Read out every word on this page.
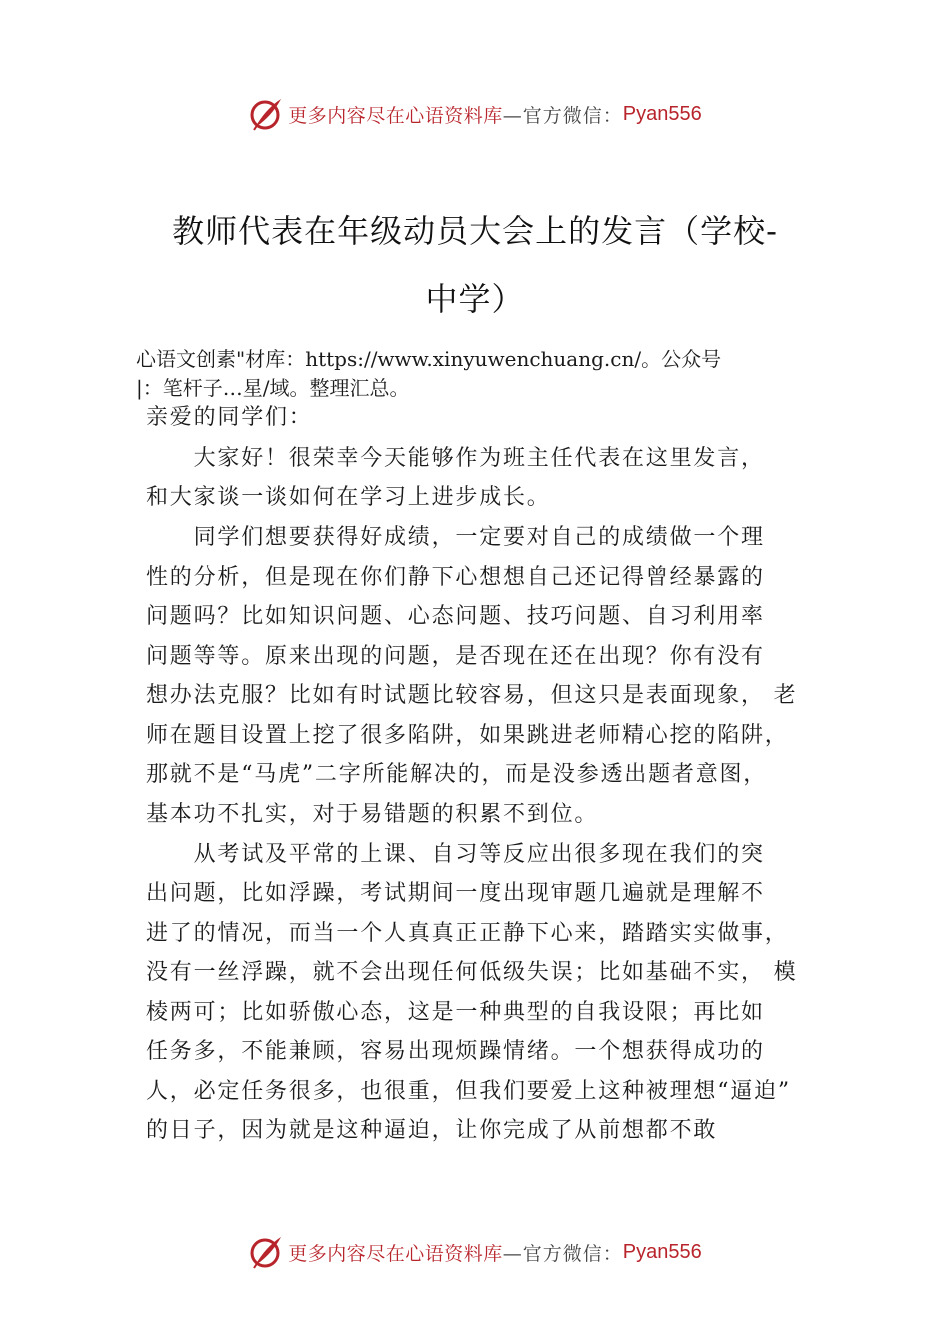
更多内容尽在心语资料库 —官方微信： Pyan556
教师代表在年级动员大会上的发言（学校-
中学）
心语文创素"材库：https://www.xinyuwenchuang.cn/。公众号
|：笔杆子…星/域。整理汇总。
亲爱的同学们：
　　大家好！很荣幸今天能够作为班主任代表在这里发言，
和大家谈一谈如何在学习上进步成长。
　　同学们想要获得好成绩，一定要对自己的成绩做一个理
性的分析，但是现在你们静下心想想自己还记得曾经暴露的
问题吗？比如知识问题、心态问题、技巧问题、自习利用率
问题等等。原来出现的问题，是否现在还在出现？你有没有
想办法克服？比如有时试题比较容易，但这只是表面现象， 老
师在题目设置上挖了很多陷阱，如果跳进老师精心挖的陷阱，
那就不是“马虎”二字所能解决的，而是没参透出题者意图，
基本功不扎实，对于易错题的积累不到位。
　　从考试及平常的上课、自习等反应出很多现在我们的突
出问题，比如浮躁，考试期间一度出现审题几遍就是理解不
进了的情况，而当一个人真真正正静下心来，踏踏实实做事，
没有一丝浮躁，就不会出现任何低级失误；比如基础不实， 模
棱两可；比如骄傲心态，这是一种典型的自我设限；再比如
任务多，不能兼顾，容易出现烦躁情绪。一个想获得成功的
人，必定任务很多，也很重，但我们要爱上这种被理想“逼迫”
的日子，因为就是这种逼迫，让你完成了从前想都不敢
更多内容尽在心语资料库 —官方微信： Pyan556
